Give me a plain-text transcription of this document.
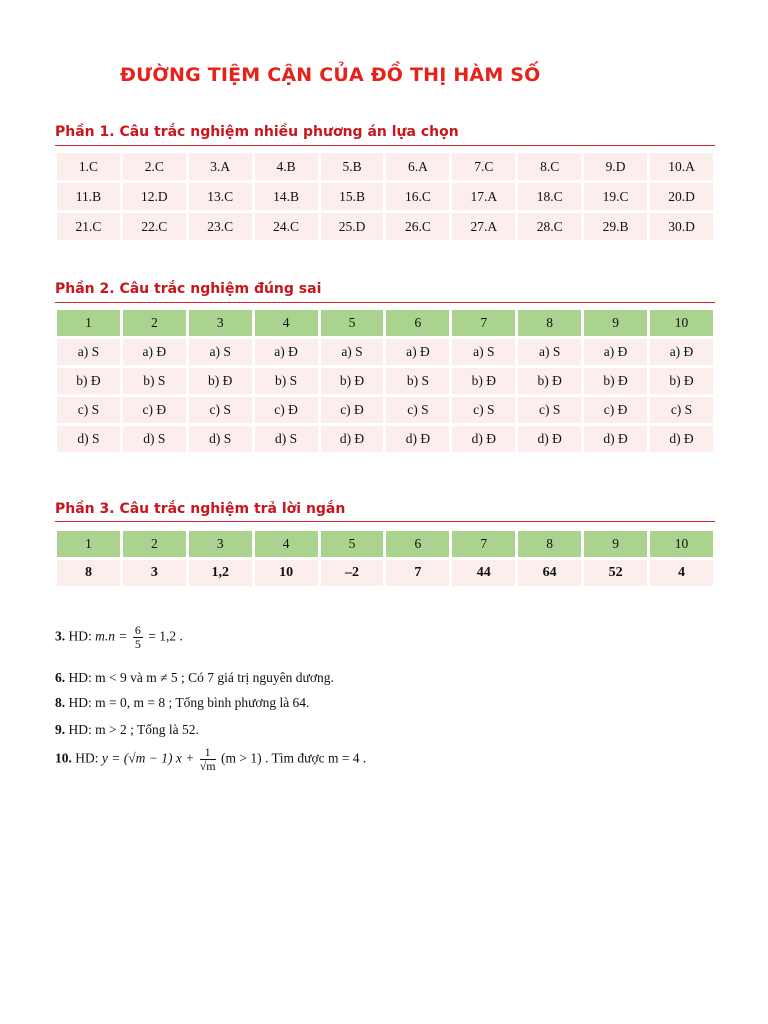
ĐƯỜNG TIỆM CẬN CỦA ĐỒ THỊ HÀM SỐ
Phần 1. Câu trắc nghiệm nhiều phương án lựa chọn
1.C	2.C	3.A	4.B	5.B	6.A	7.C	8.C	9.D	10.A
11.B	12.D	13.C	14.B	15.B	16.C	17.A	18.C	19.C	20.D
21.C	22.C	23.C	24.C	25.D	26.C	27.A	28.C	29.B	30.D
Phần 2. Câu trắc nghiệm đúng sai
1	2	3	4	5	6	7	8	9	10
a) S	a) Đ	a) S	a) Đ	a) S	a) Đ	a) S	a) S	a) Đ	a) Đ
b) Đ	b) S	b) Đ	b) S	b) Đ	b) S	b) Đ	b) Đ	b) Đ	b) Đ
c) S	c) Đ	c) S	c) Đ	c) Đ	c) S	c) S	c) S	c) Đ	c) S
d) S	d) S	d) S	d) S	d) Đ	d) Đ	d) Đ	d) Đ	d) Đ	d) Đ
Phần 3. Câu trắc nghiệm trả lời ngắn
1	2	3	4	5	6	7	8	9	10
8	3	1,2	10	–2	7	44	64	52	4
3. HD: $m.n = \frac{6}{5} = 1,2$ .
6. HD: m < 9 và m ≠ 5 ; Có 7 giá trị nguyên dương.
8. HD: m = 0, m = 8 ; Tổng bình phương là 64.
9. HD: m > 2 ; Tổng là 52.
10. HD: y = (√m − 1) $x + \frac{1}{√m} (m > 1)$ . Tìm được m = 4 .
